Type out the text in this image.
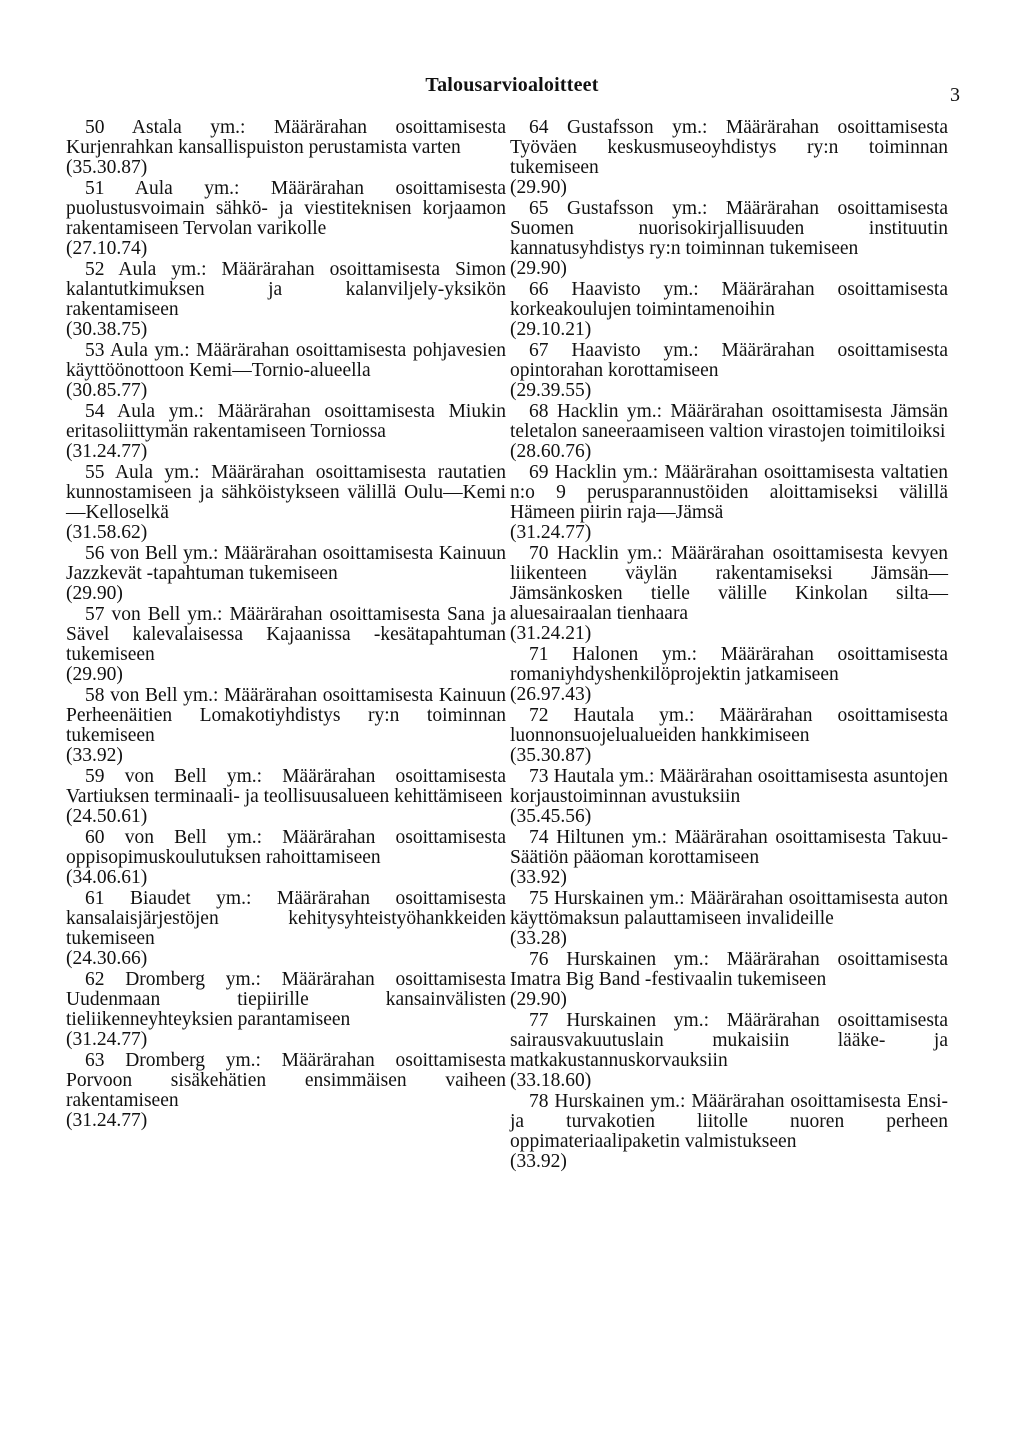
Talousarvioaloitteet	3

50 Astala ym.: Määrärahan osoittamisesta Kurjenrahkan kansallispuiston perustamista varten

(35.30.87)

51 Aula ym.: Määrärahan osoittamisesta puolustusvoimain sähkö- ja viestiteknisen korjaamon rakentamiseen Tervolan varikolle

(27.10.74)

52 Aula ym.: Määrärahan osoittamisesta Simon kalantutkimuksen ja kalanviljely-yksikön rakentamiseen

(30.38.75)

53 Aula ym.: Määrärahan osoittamisesta pohjavesien käyttöönottoon Kemi—Tornio-alueella

(30.85.77)

54 Aula ym.: Määrärahan osoittamisesta Miukin eritasoliittymän rakentamiseen Torniossa

(31.24.77)

55 Aula ym.: Määrärahan osoittamisesta rautatien kunnostamiseen ja sähköistykseen välillä Oulu—Kemi—Kelloselkä

(31.58.62)

56 von Bell ym.: Määrärahan osoittamisesta Kainuun Jazzkevät -tapahtuman tukemiseen

(29.90)

57 von Bell ym.: Määrärahan osoittamisesta Sana ja Sävel kalevalaisessa Kajaanissa -kesätapahtuman tukemiseen

(29.90)

58 von Bell ym.: Määrärahan osoittamisesta Kainuun Perheenäitien Lomakotiyhdistys ry:n toiminnan tukemiseen

(33.92)

59 von Bell ym.: Määrärahan osoittamisesta Vartiuksen terminaali- ja teollisuusalueen kehittämiseen

(24.50.61)

60 von Bell ym.: Määrärahan osoittamisesta oppisopimuskoulutuksen rahoittamiseen

(34.06.61)

61 Biaudet ym.: Määrärahan osoittamisesta kansalaisjärjestöjen kehitysyhteistyöhankkeiden tukemiseen

(24.30.66)

62 Dromberg ym.: Määrärahan osoittamisesta Uudenmaan tiepiirille kansainvälisten tieliikenneyhteyksien parantamiseen

(31.24.77)

63 Dromberg ym.: Määrärahan osoittamisesta Porvoon sisäkehätien ensimmäisen vaiheen rakentamiseen

(31.24.77)

64 Gustafsson ym.: Määrärahan osoittamisesta Työväen keskusmuseoyhdistys ry:n toiminnan tukemiseen

(29.90)

65 Gustafsson ym.: Määrärahan osoittamisesta Suomen nuorisokirjallisuuden instituutin kannatusyhdistys ry:n toiminnan tukemiseen

(29.90)

66 Haavisto ym.: Määrärahan osoittamisesta korkeakoulujen toimintamenoihin

(29.10.21)

67 Haavisto ym.: Määrärahan osoittamisesta opintorahan korottamiseen

(29.39.55)

68 Hacklin ym.: Määrärahan osoittamisesta Jämsän teletalon saneeraamiseen valtion virastojen toimitiloiksi

(28.60.76)

69 Hacklin ym.: Määrärahan osoittamisesta valtatien n:o 9 perusparannustöiden aloittamiseksi välillä Hämeen piirin raja—Jämsä

(31.24.77)

70 Hacklin ym.: Määrärahan osoittamisesta kevyen liikenteen väylän rakentamiseksi Jämsän—Jämsänkosken tielle välille Kinkolan silta—aluesairaalan tienhaara

(31.24.21)

71 Halonen ym.: Määrärahan osoittamisesta romaniyhdyshenkilöprojektin jatkamiseen

(26.97.43)

72 Hautala ym.: Määrärahan osoittamisesta luonnonsuojelualueiden hankkimiseen

(35.30.87)

73 Hautala ym.: Määrärahan osoittamisesta asuntojen korjaustoiminnan avustuksiin

(35.45.56)

74 Hiltunen ym.: Määrärahan osoittamisesta Takuu-Säätiön pääoman korottamiseen

(33.92)

75 Hurskainen ym.: Määrärahan osoittamisesta auton käyttömaksun palauttamiseen invalideille

(33.28)

76 Hurskainen ym.: Määrärahan osoittamisesta Imatra Big Band -festivaalin tukemiseen

(29.90)

77 Hurskainen ym.: Määrärahan osoittamisesta sairausvakuutuslain mukaisiin lääke- ja matkakustannuskorvauksiin

(33.18.60)

78 Hurskainen ym.: Määrärahan osoittamisesta Ensi- ja turvakotien liitolle nuoren perheen oppimateriaalipaketin valmistukseen

(33.92)
